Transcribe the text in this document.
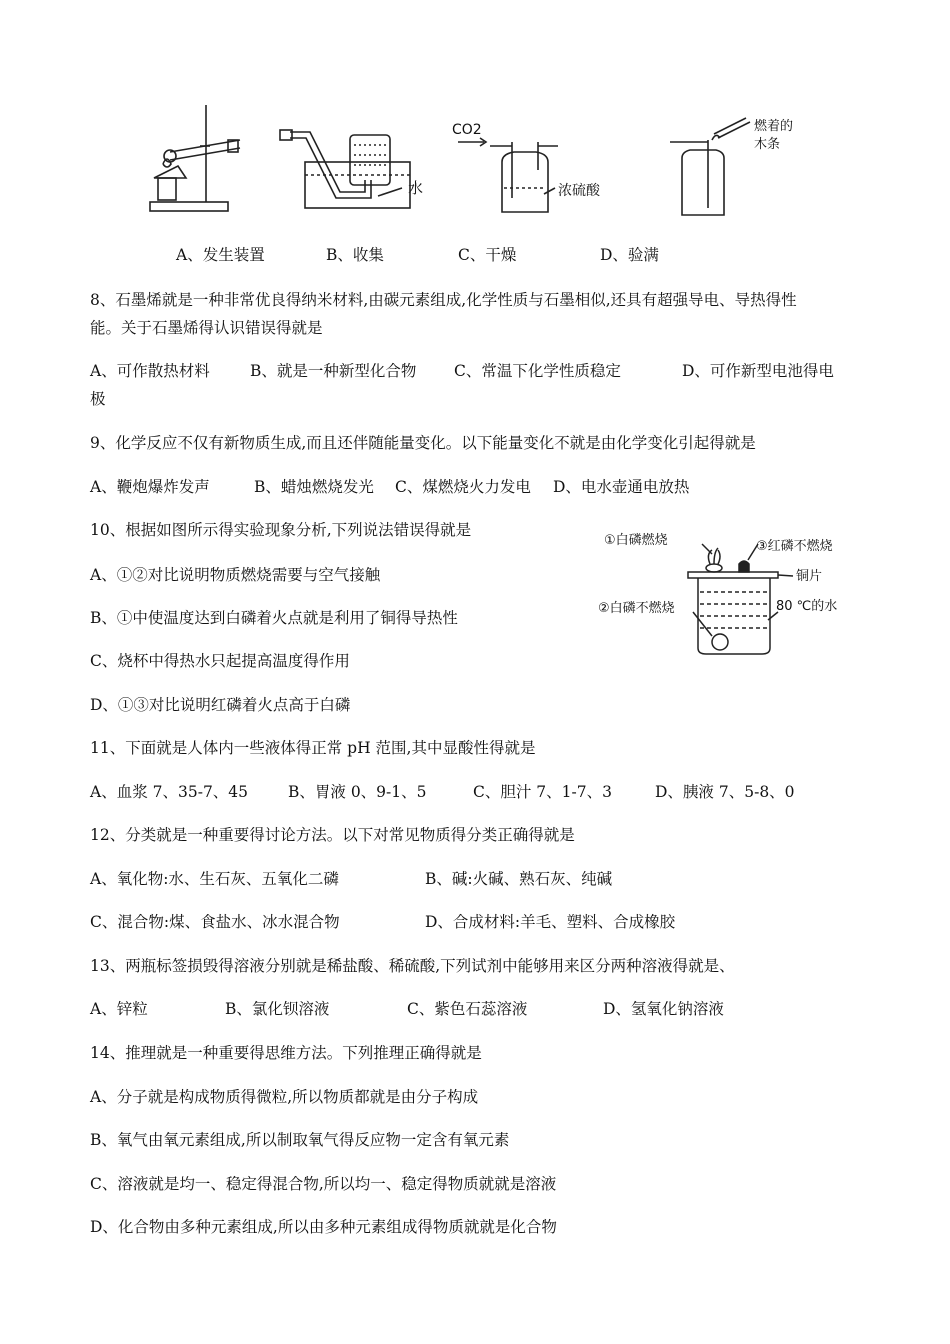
CO2
水	浓硫酸
燃着的
木条
A、发生装置	B、收集	C、干燥	D、验满
8、石墨烯就是一种非常优良得纳米材料,由碳元素组成,化学性质与石墨相似,还具有超强导电、导热得性
能。关于石墨烯得认识错误得就是
A、可作散热材料	B、就是一种新型化合物 C、常温下化学性质稳定	D、可作新型电池得电
极
9、化学反应不仅有新物质生成,而且还伴随能量变化。以下能量变化不就是由化学变化引起得就是
A、鞭炮爆炸发声	B、蜡烛燃烧发光 C、煤燃烧火力发电 D、电水壶通电放热
10、根据如图所示得实验现象分析,下列说法错误得就是
A、①②对比说明物质燃烧需要与空气接触
B、①中使温度达到白磷着火点就是利用了铜得导热性
C、烧杯中得热水只起提高温度得作用
D、①③对比说明红磷着火点高于白磷
①白磷燃烧	③红磷不燃烧
铜片
②白磷不燃烧	80 ℃的水
11、下面就是人体内一些液体得正常 pH 范围,其中显酸性得就是
A、血浆 7、35-7、45	B、胃液 0、9-1、5	C、胆汁 7、1-7、3	D、胰液 7、5-8、0
12、分类就是一种重要得讨论方法。以下对常见物质得分类正确得就是
A、氧化物:水、生石灰、五氧化二磷	B、碱:火碱、熟石灰、纯碱
C、混合物:煤、食盐水、冰水混合物	D、合成材料:羊毛、塑料、合成橡胶
13、两瓶标签损毁得溶液分别就是稀盐酸、稀硫酸,下列试剂中能够用来区分两种溶液得就是、
A、锌粒	B、氯化钡溶液	C、紫色石蕊溶液	D、氢氧化钠溶液
14、推理就是一种重要得思维方法。下列推理正确得就是
A、分子就是构成物质得微粒,所以物质都就是由分子构成
B、氧气由氧元素组成,所以制取氧气得反应物一定含有氧元素
C、溶液就是均一、稳定得混合物,所以均一、稳定得物质就就是溶液
D、化合物由多种元素组成,所以由多种元素组成得物质就就是化合物
